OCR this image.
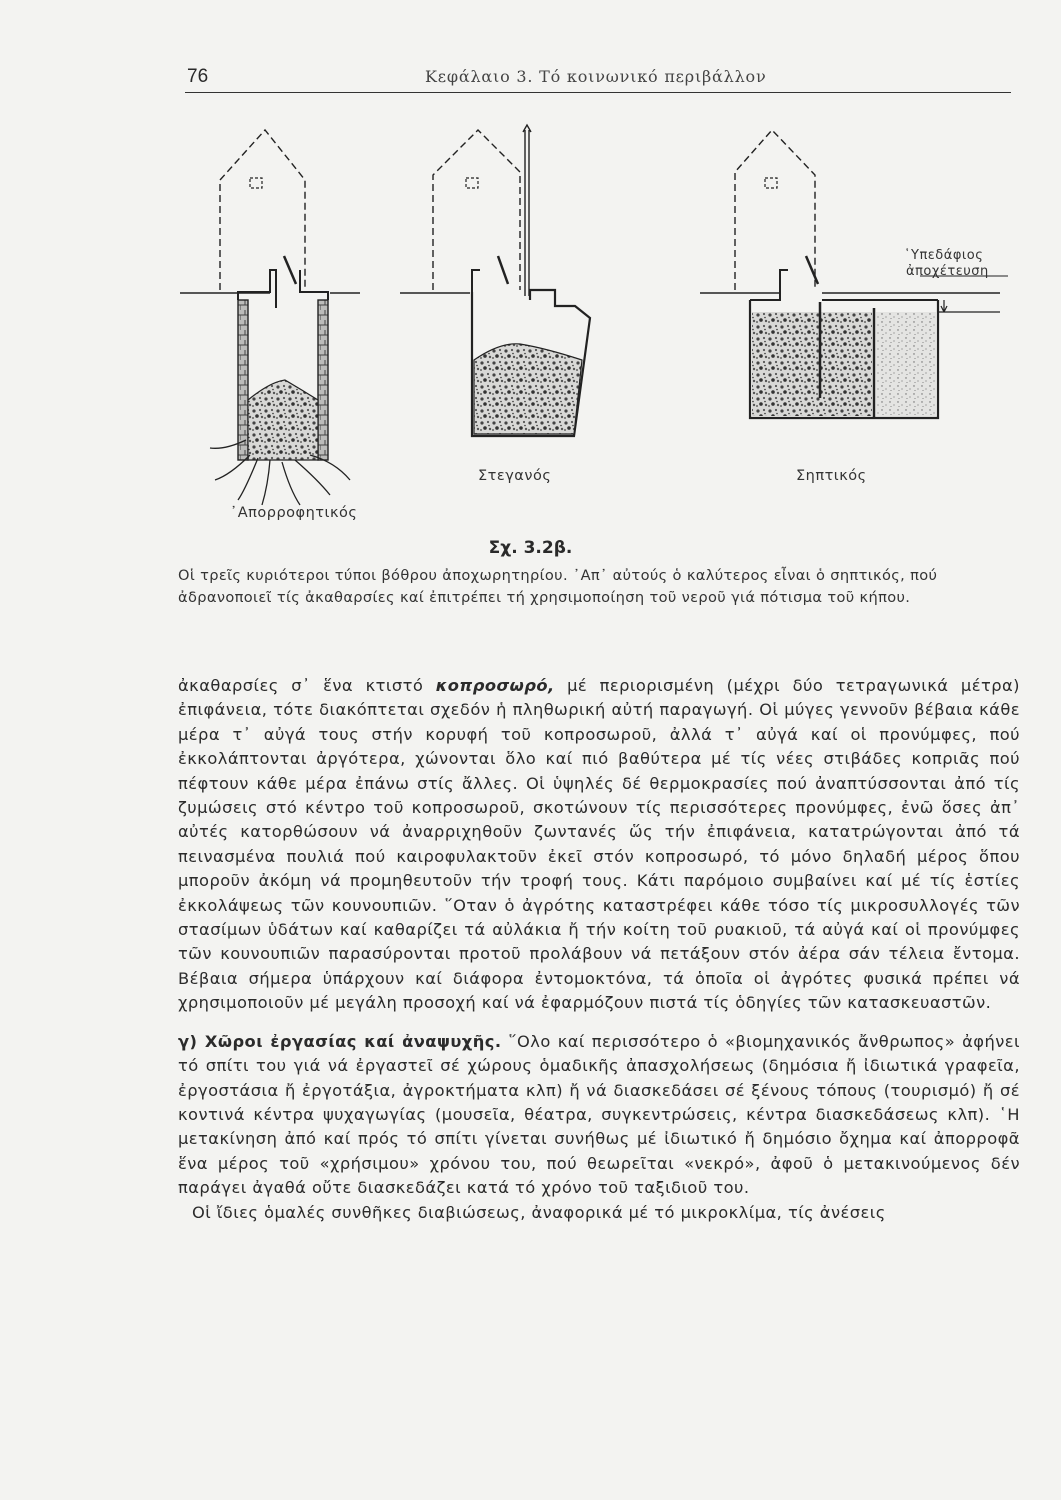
76	Κεφάλαιο 3. Τό κοινωνικό περιβάλλον
᾿Απορροφητικός
Στεγανός	Σηπτικός
῾Υπεδάφιος
ἀποχέτευση
Σχ. 3.2β.
Οἱ τρεῖς κυριότεροι τύποι βόθρου ἀποχωρητηρίου. ᾿Απ᾿ αὐτούς ὁ καλύτερος εἶναι ὁ σηπτικός, πού ἀδρανοποιεῖ τίς ἀκαθαρσίες καί ἐπιτρέπει τή χρησιμοποίηση τοῦ νεροῦ γιά πότισμα τοῦ κήπου.

ἀκαθαρσίες σ᾿ ἕνα κτιστό κοπροσωρό, μέ περιορισμένη (μέχρι δύο τετραγωνικά μέτρα) ἐπιφάνεια, τότε διακόπτεται σχεδόν ἡ πληθωρική αὐτή παραγωγή. Οἱ μύγες γεννοῦν βέβαια κάθε μέρα τ᾿ αὐγά τους στήν κορυφή τοῦ κοπροσωροῦ, ἀλλά τ᾿ αὐγά καί οἱ προνύμφες, πού ἐκκολάπτονται ἀργότερα, χώνονται ὅλο καί πιό βαθύτερα μέ τίς νέες στιβάδες κοπριᾶς πού πέφτουν κάθε μέρα ἐπάνω στίς ἄλλες. Οἱ ὑψηλές δέ θερμοκρασίες πού ἀναπτύσσονται ἀπό τίς ζυμώσεις στό κέντρο τοῦ κοπροσωροῦ, σκοτώνουν τίς περισσότερες προνύμφες, ἐνῶ ὅσες ἀπ᾿ αὐτές κατορθώσουν νά ἀναρριχηθοῦν ζωντανές ὥς τήν ἐπιφάνεια, κατατρώγονται ἀπό τά πεινασμένα πουλιά πού καιροφυλακτοῦν ἐκεῖ στόν κοπροσωρό, τό μόνο δηλαδή μέρος ὅπου μποροῦν ἀκόμη νά προμηθευτοῦν τήν τροφή τους. Κάτι παρόμοιο συμβαίνει καί μέ τίς ἑστίες ἐκκολάψεως τῶν κουνουπιῶν. ῞Οταν ὁ ἀγρότης καταστρέφει κάθε τόσο τίς μικροσυλλογές τῶν στασίμων ὑδάτων καί καθαρίζει τά αὐλάκια ἤ τήν κοίτη τοῦ ρυακιοῦ, τά αὐγά καί οἱ προνύμφες τῶν κουνουπιῶν παρασύρονται προτοῦ προλάβουν νά πετάξουν στόν ἀέρα σάν τέλεια ἔντομα. Βέβαια σήμερα ὑπάρχουν καί διάφορα ἐντομοκτόνα, τά ὁποῖα οἱ ἀγρότες φυσικά πρέπει νά χρησιμοποιοῦν μέ μεγάλη προσοχή καί νά ἐφαρμόζουν πιστά τίς ὁδηγίες τῶν κατασκευαστῶν.

γ) Χῶροι ἐργασίας καί ἀναψυχῆς. ῞Ολο καί περισσότερο ὁ «βιομηχανικός ἄνθρωπος» ἀφήνει τό σπίτι του γιά νά ἐργαστεῖ σέ χώρους ὁμαδικῆς ἀπασχολήσεως (δημόσια ἤ ἰδιωτικά γραφεῖα, ἐργοστάσια ἤ ἐργοτάξια, ἀγροκτήματα κλπ) ἤ νά διασκεδάσει σέ ξένους τόπους (τουρισμό) ἤ σέ κοντινά κέντρα ψυχαγωγίας (μουσεῖα, θέατρα, συγκεντρώσεις, κέντρα διασκεδάσεως κλπ). ῾Η μετακίνηση ἀπό καί πρός τό σπίτι γίνεται συνήθως μέ ἰδιωτικό ἤ δημόσιο ὄχημα καί ἀπορροφᾶ ἕνα μέρος τοῦ «χρήσιμου» χρόνου του, πού θεωρεῖται «νεκρό», ἀφοῦ ὁ μετακινούμενος δέν παράγει ἀγαθά οὔτε διασκεδάζει κατά τό χρόνο τοῦ ταξιδιοῦ του.

Οἱ ἴδιες ὁμαλές συνθῆκες διαβιώσεως, ἀναφορικά μέ τό μικροκλίμα, τίς ἀνέσεις
